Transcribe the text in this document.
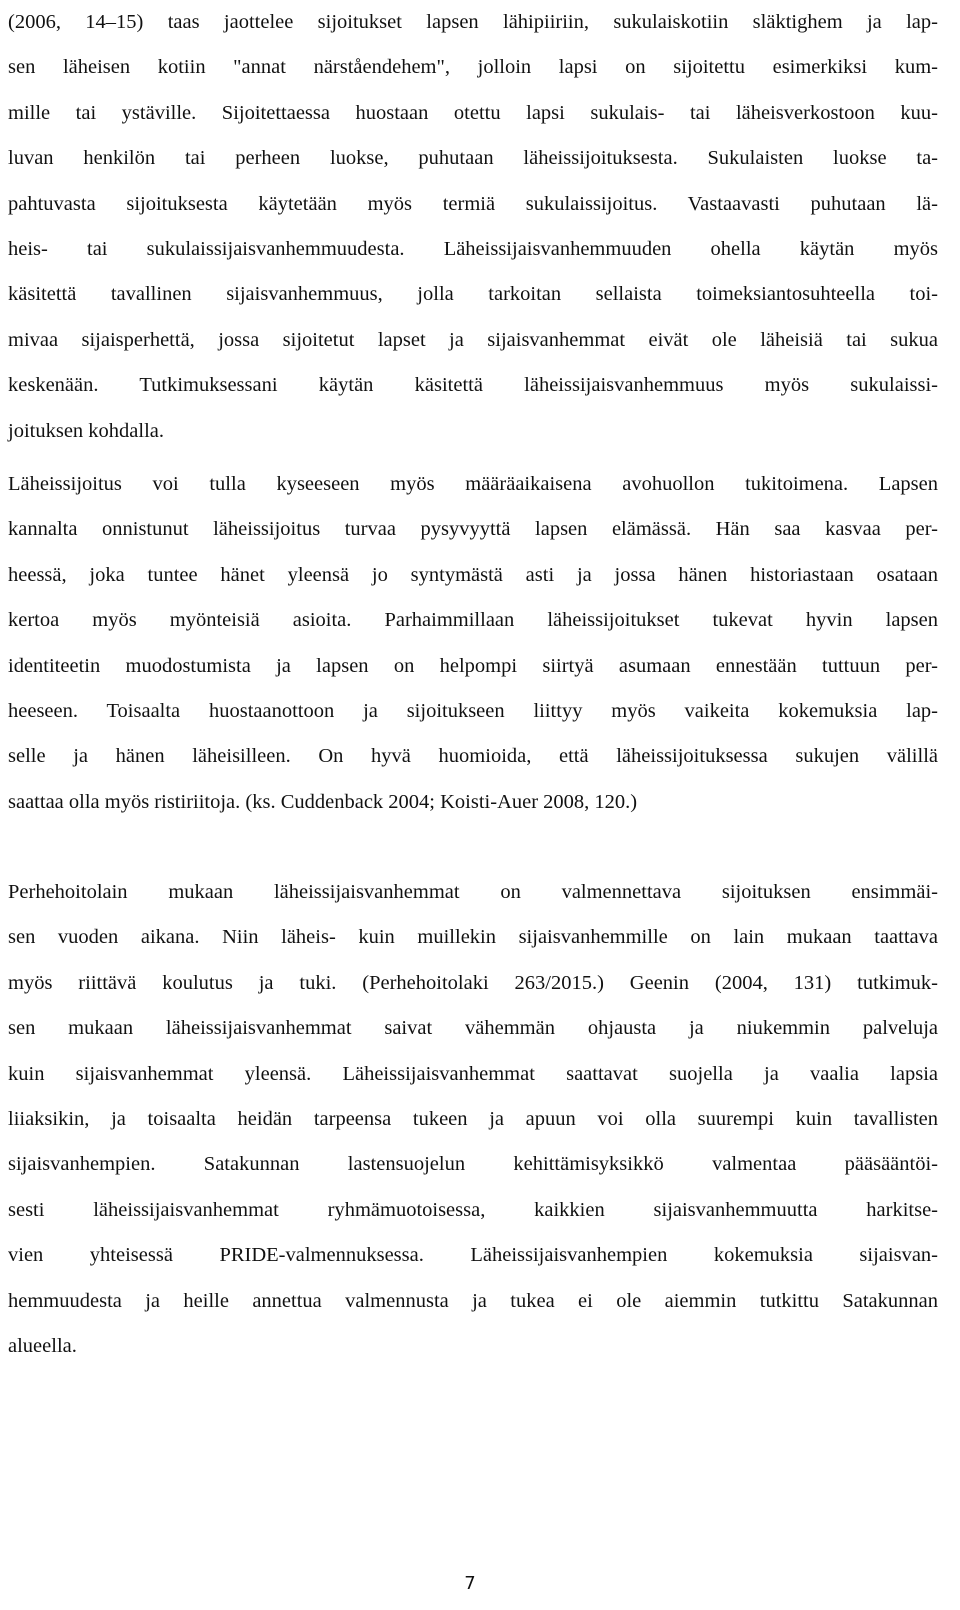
(2006, 14–15) taas jaottelee sijoitukset lapsen lähipiiriin, sukulaiskotiin släktighem ja lap-
sen läheisen kotiin "annat närståendehem", jolloin lapsi on sijoitettu esimerkiksi kum-
mille tai ystäville. Sijoitettaessa huostaan otettu lapsi sukulais- tai läheisverkostoon kuu-
luvan henkilön tai perheen luokse, puhutaan läheissijoituksesta. Sukulaisten luokse ta-
pahtuvasta sijoituksesta käytetään myös termiä sukulaissijoitus. Vastaavasti puhutaan lä-
heis- tai sukulaissijaisvanhemmuudesta. Läheissijaisvanhemmuuden ohella käytän myös
käsitettä tavallinen sijaisvanhemmuus, jolla tarkoitan sellaista toimeksiantosuhteella toi-
mivaa sijaisperhettä, jossa sijoitetut lapset ja sijaisvanhemmat eivät ole läheisiä tai sukua
keskenään. Tutkimuksessani käytän käsitettä läheissijaisvanhemmuus myös sukulaissi-
joituksen kohdalla.

Läheissijoitus voi tulla kyseeseen myös määräaikaisena avohuollon tukitoimena. Lapsen
kannalta onnistunut läheissijoitus turvaa pysyvyyttä lapsen elämässä. Hän saa kasvaa per-
heessä, joka tuntee hänet yleensä jo syntymästä asti ja jossa hänen historiastaan osataan
kertoa myös myönteisiä asioita. Parhaimmillaan läheissijoitukset tukevat hyvin lapsen
identiteetin muodostumista ja lapsen on helpompi siirtyä asumaan ennestään tuttuun per-
heeseen. Toisaalta huostaanottoon ja sijoitukseen liittyy myös vaikeita kokemuksia lap-
selle ja hänen läheisilleen. On hyvä huomioida, että läheissijoituksessa sukujen välillä
saattaa olla myös ristiriitoja. (ks. Cuddenback 2004; Koisti-Auer 2008, 120.)

Perhehoitolain mukaan läheissijaisvanhemmat on valmennettava sijoituksen ensimmäi-
sen vuoden aikana. Niin läheis- kuin muillekin sijaisvanhemmille on lain mukaan taattava
myös riittävä koulutus ja tuki. (Perhehoitolaki 263/2015.) Geenin (2004, 131) tutkimuk-
sen mukaan läheissijaisvanhemmat saivat vähemmän ohjausta ja niukemmin palveluja
kuin sijaisvanhemmat yleensä. Läheissijaisvanhemmat saattavat suojella ja vaalia lapsia
liiaksikin, ja toisaalta heidän tarpeensa tukeen ja apuun voi olla suurempi kuin tavallisten
sijaisvanhempien. Satakunnan lastensuojelun kehittämisyksikkö valmentaa pääsääntöi-
sesti läheissijaisvanhemmat ryhmämuotoisessa, kaikkien sijaisvanhemmuutta harkitse-
vien yhteisessä PRIDE-valmennuksessa. Läheissijaisvanhempien kokemuksia sijaisvan-
hemmuudesta ja heille annettua valmennusta ja tukea ei ole aiemmin tutkittu Satakunnan
alueella.

7
